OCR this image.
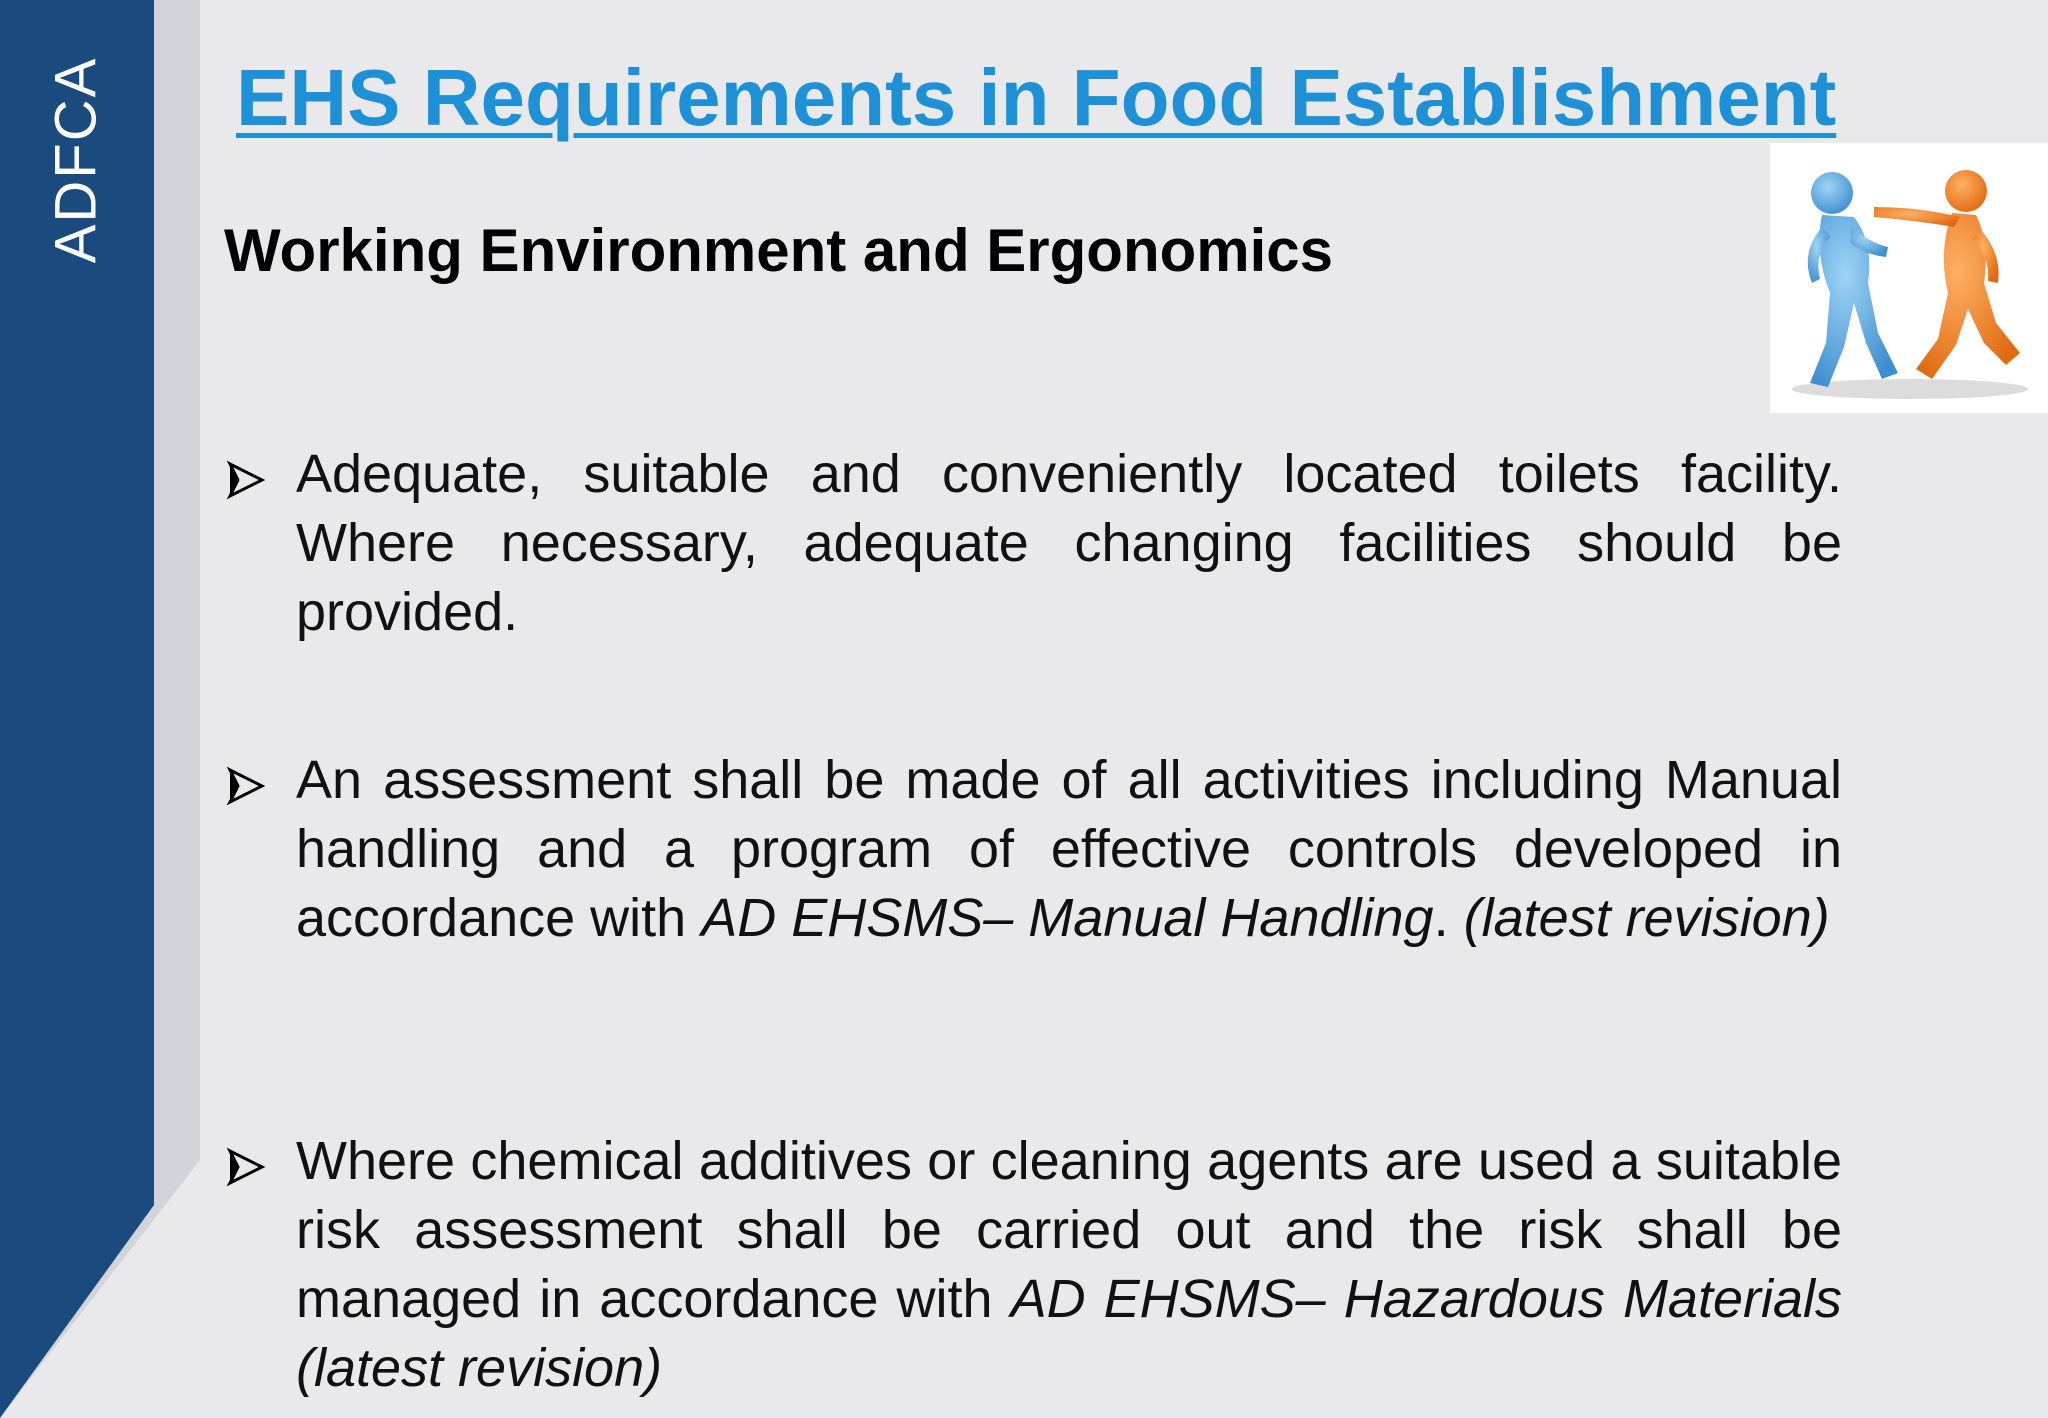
ADFCA EHS Requirements in Food Establishment
Working Environment and Ergonomics
Adequate, suitable and conveniently located toilets facility. Where necessary, adequate changing facilities should be provided.
An assessment shall be made of all activities including Manual handling and a program of effective controls developed in accordance with AD EHSMS– Manual Handling. (latest revision)
Where chemical additives or cleaning agents are used a suitable risk assessment shall be carried out and the risk shall be managed in accordance with AD EHSMS– Hazardous Materials (latest revision)
